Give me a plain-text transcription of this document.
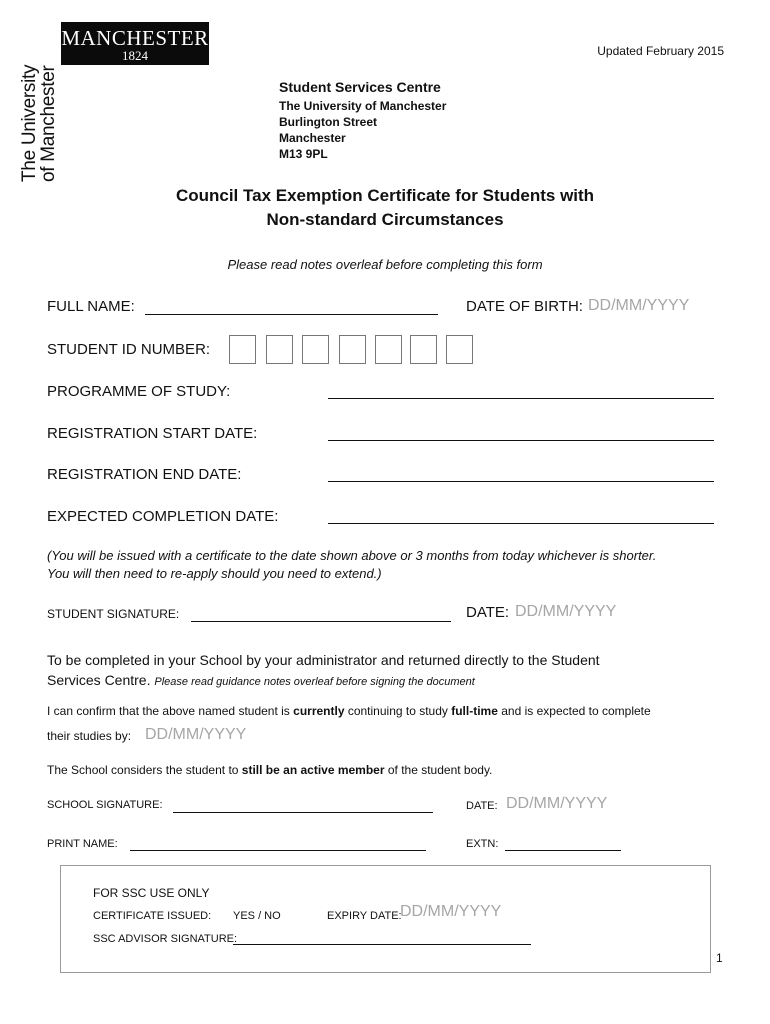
MANCHESTER
1824
The University
of Manchester
Updated February 2015
Student Services Centre
The University of Manchester
Burlington Street
Manchester
M13 9PL
Council Tax Exemption Certificate for Students with
Non-standard Circumstances
Please read notes overleaf before completing this form
FULL NAME:	DATE OF BIRTH: DD/MM/YYYY
STUDENT ID NUMBER:
PROGRAMME OF STUDY:
REGISTRATION START DATE:
REGISTRATION END DATE:
EXPECTED COMPLETION DATE:
(You will be issued with a certificate to the date shown above or 3 months from today whichever is shorter.
You will then need to re-apply should you need to extend.)
STUDENT SIGNATURE:	DATE: DD/MM/YYYY
To be completed in your School by your administrator and returned directly to the Student
Services Centre. Please read guidance notes overleaf before signing the document
I can confirm that the above named student is currently continuing to study full-time and is expected to complete
their studies by: DD/MM/YYYY
The School considers the student to still be an active member of the student body.
SCHOOL SIGNATURE:	DATE: DD/MM/YYYY
PRINT NAME:	EXTN:
FOR SSC USE ONLY
CERTIFICATE ISSUED: YES / NO	EXPIRY DATE:
DD/MM/YYYY
SSC ADVISOR SIGNATURE:
1
